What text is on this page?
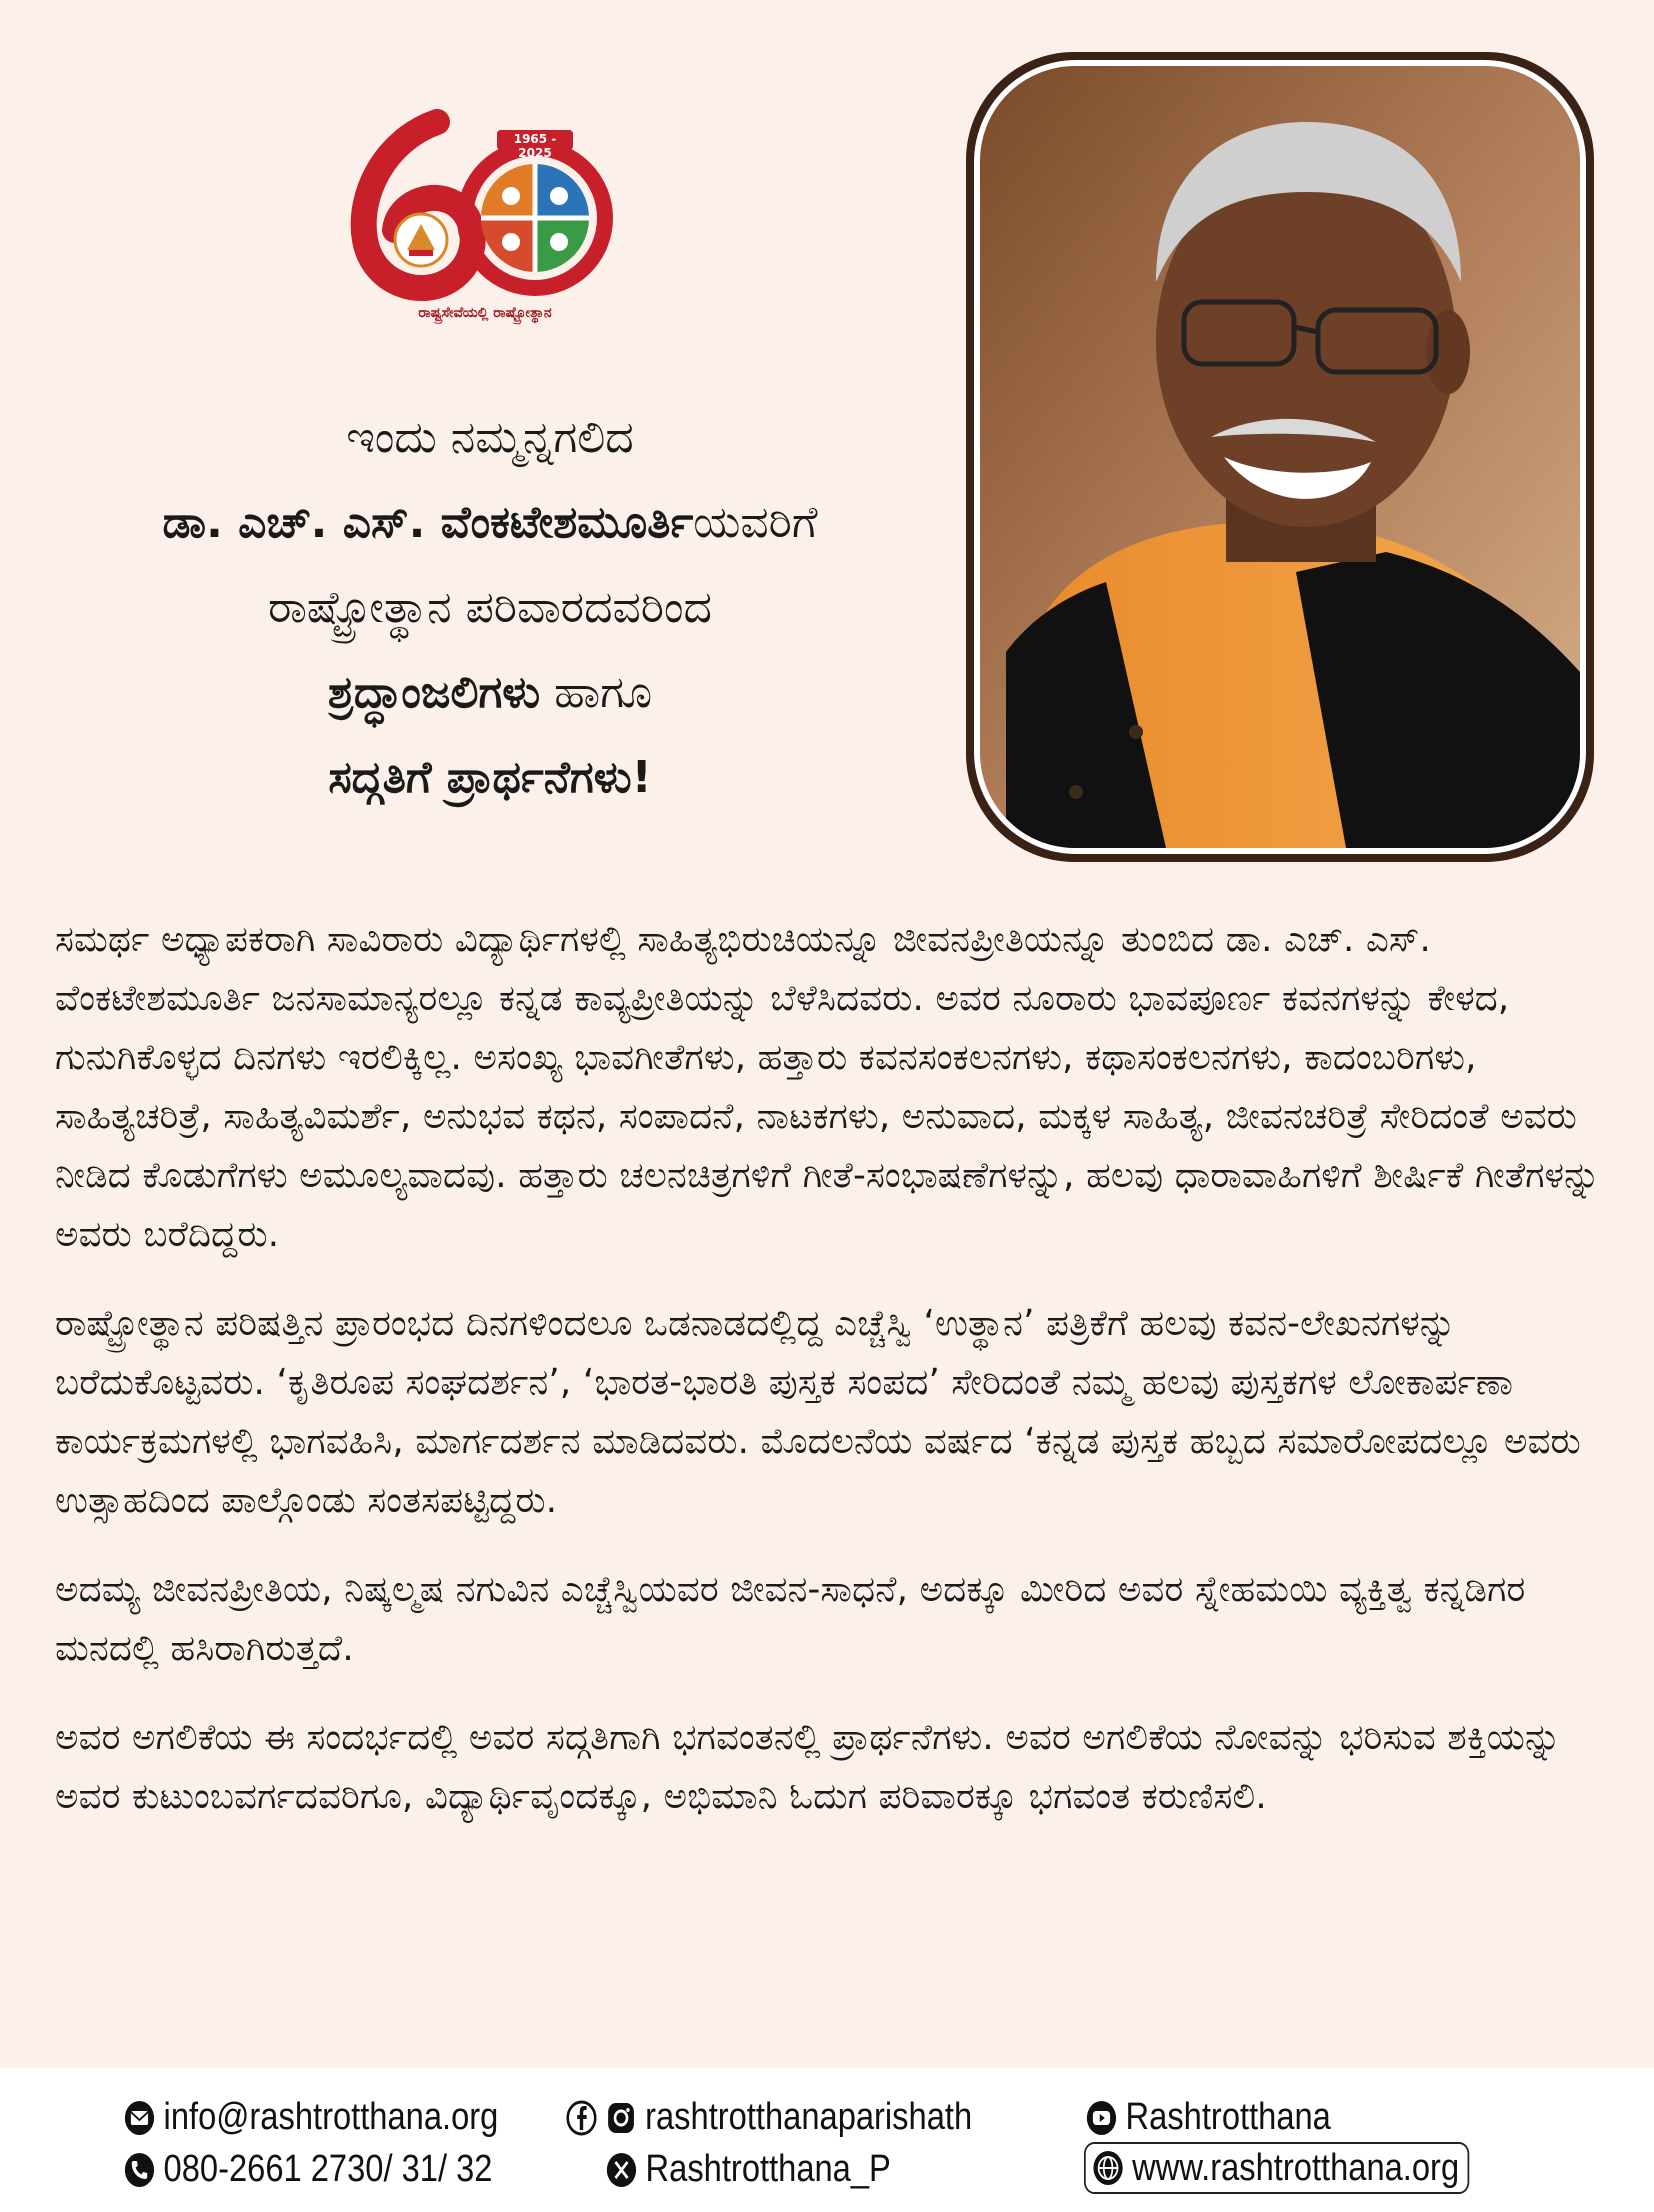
1965 - 2025
ರಾಷ್ಟ್ರಸೇವೆಯಲ್ಲಿ ರಾಷ್ಟ್ರೋತ್ಥಾನ
ಇಂದು ನಮ್ಮನ್ನಗಲಿದ
ಡಾ. ಎಚ್. ಎಸ್. ವೆಂಕಟೇಶಮೂರ್ತಿಯವರಿಗೆ
ರಾಷ್ಟ್ರೋತ್ಥಾನ ಪರಿವಾರದವರಿಂದ
ಶ್ರದ್ಧಾಂಜಲಿಗಳು ಹಾಗೂ
ಸದ್ಗತಿಗೆ ಪ್ರಾರ್ಥನೆಗಳು!

ಸಮರ್ಥ ಅಧ್ಯಾಪಕರಾಗಿ ಸಾವಿರಾರು ವಿದ್ಯಾರ್ಥಿಗಳಲ್ಲಿ ಸಾಹಿತ್ಯಭಿರುಚಿಯನ್ನೂ ಜೀವನಪ್ರೀತಿಯನ್ನೂ ತುಂಬಿದ ಡಾ. ಎಚ್. ಎಸ್. ವೆಂಕಟೇಶಮೂರ್ತಿ ಜನಸಾಮಾನ್ಯರಲ್ಲೂ ಕನ್ನಡ ಕಾವ್ಯಪ್ರೀತಿಯನ್ನು ಬೆಳೆಸಿದವರು. ಅವರ ನೂರಾರು ಭಾವಪೂರ್ಣ ಕವನಗಳನ್ನು ಕೇಳದ, ಗುನುಗಿಕೊಳ್ಳದ ದಿನಗಳು ಇರಲಿಕ್ಕಿಲ್ಲ. ಅಸಂಖ್ಯ ಭಾವಗೀತೆಗಳು, ಹತ್ತಾರು ಕವನಸಂಕಲನಗಳು, ಕಥಾಸಂಕಲನಗಳು, ಕಾದಂಬರಿಗಳು, ಸಾಹಿತ್ಯಚರಿತ್ರೆ, ಸಾಹಿತ್ಯವಿಮರ್ಶೆ, ಅನುಭವ ಕಥನ, ಸಂಪಾದನೆ, ನಾಟಕಗಳು, ಅನುವಾದ, ಮಕ್ಕಳ ಸಾಹಿತ್ಯ, ಜೀವನಚರಿತ್ರೆ ಸೇರಿದಂತೆ ಅವರು ನೀಡಿದ ಕೊಡುಗೆಗಳು ಅಮೂಲ್ಯವಾದವು. ಹತ್ತಾರು ಚಲನಚಿತ್ರಗಳಿಗೆ ಗೀತೆ-ಸಂಭಾಷಣೆಗಳನ್ನು, ಹಲವು ಧಾರಾವಾಹಿಗಳಿಗೆ ಶೀರ್ಷಿಕೆ ಗೀತೆಗಳನ್ನು ಅವರು ಬರೆದಿದ್ದರು.

ರಾಷ್ಟ್ರೋತ್ಥಾನ ಪರಿಷತ್ತಿನ ಪ್ರಾರಂಭದ ದಿನಗಳಿಂದಲೂ ಒಡನಾಡದಲ್ಲಿದ್ದ ಎಚ್ಚೆಸ್ವಿ ‘ಉತ್ಥಾನ’ ಪತ್ರಿಕೆಗೆ ಹಲವು ಕವನ-ಲೇಖನಗಳನ್ನು ಬರೆದುಕೊಟ್ಟವರು. ‘ಕೃತಿರೂಪ ಸಂಘದರ್ಶನ’, ‘ಭಾರತ-ಭಾರತಿ ಪುಸ್ತಕ ಸಂಪದ’ ಸೇರಿದಂತೆ ನಮ್ಮ ಹಲವು ಪುಸ್ತಕಗಳ ಲೋಕಾರ್ಪಣಾ ಕಾರ್ಯಕ್ರಮಗಳಲ್ಲಿ ಭಾಗವಹಿಸಿ, ಮಾರ್ಗದರ್ಶನ ಮಾಡಿದವರು. ಮೊದಲನೆಯ ವರ್ಷದ ‘ಕನ್ನಡ ಪುಸ್ತಕ ಹಬ್ಬದ ಸಮಾರೋಪದಲ್ಲೂ ಅವರು ಉತ್ಸಾಹದಿಂದ ಪಾಲ್ಗೊಂಡು ಸಂತಸಪಟ್ಟಿದ್ದರು.

ಅದಮ್ಯ ಜೀವನಪ್ರೀತಿಯ, ನಿಷ್ಕಲ್ಮಷ ನಗುವಿನ ಎಚ್ಚೆಸ್ವಿಯವರ ಜೀವನ-ಸಾಧನೆ, ಅದಕ್ಕೂ ಮೀರಿದ ಅವರ ಸ್ನೇಹಮಯಿ ವ್ಯಕ್ತಿತ್ವ ಕನ್ನಡಿಗರ ಮನದಲ್ಲಿ ಹಸಿರಾಗಿರುತ್ತದೆ.

ಅವರ ಅಗಲಿಕೆಯ ಈ ಸಂದರ್ಭದಲ್ಲಿ ಅವರ ಸದ್ಗತಿಗಾಗಿ ಭಗವಂತನಲ್ಲಿ ಪ್ರಾರ್ಥನೆಗಳು. ಅವರ ಅಗಲಿಕೆಯ ನೋವನ್ನು ಭರಿಸುವ ಶಕ್ತಿಯನ್ನು ಅವರ ಕುಟುಂಬವರ್ಗದವರಿಗೂ, ವಿದ್ಯಾರ್ಥಿವೃಂದಕ್ಕೂ, ಅಭಿಮಾನಿ ಓದುಗ ಪರಿವಾರಕ್ಕೂ ಭಗವಂತ ಕರುಣಿಸಲಿ.

info@rashtrotthana.org	rashtrotthanaparishath	Rashtrotthana
080-2661 2730/ 31/ 32	Rashtrotthana_P	www.rashtrotthana.org
